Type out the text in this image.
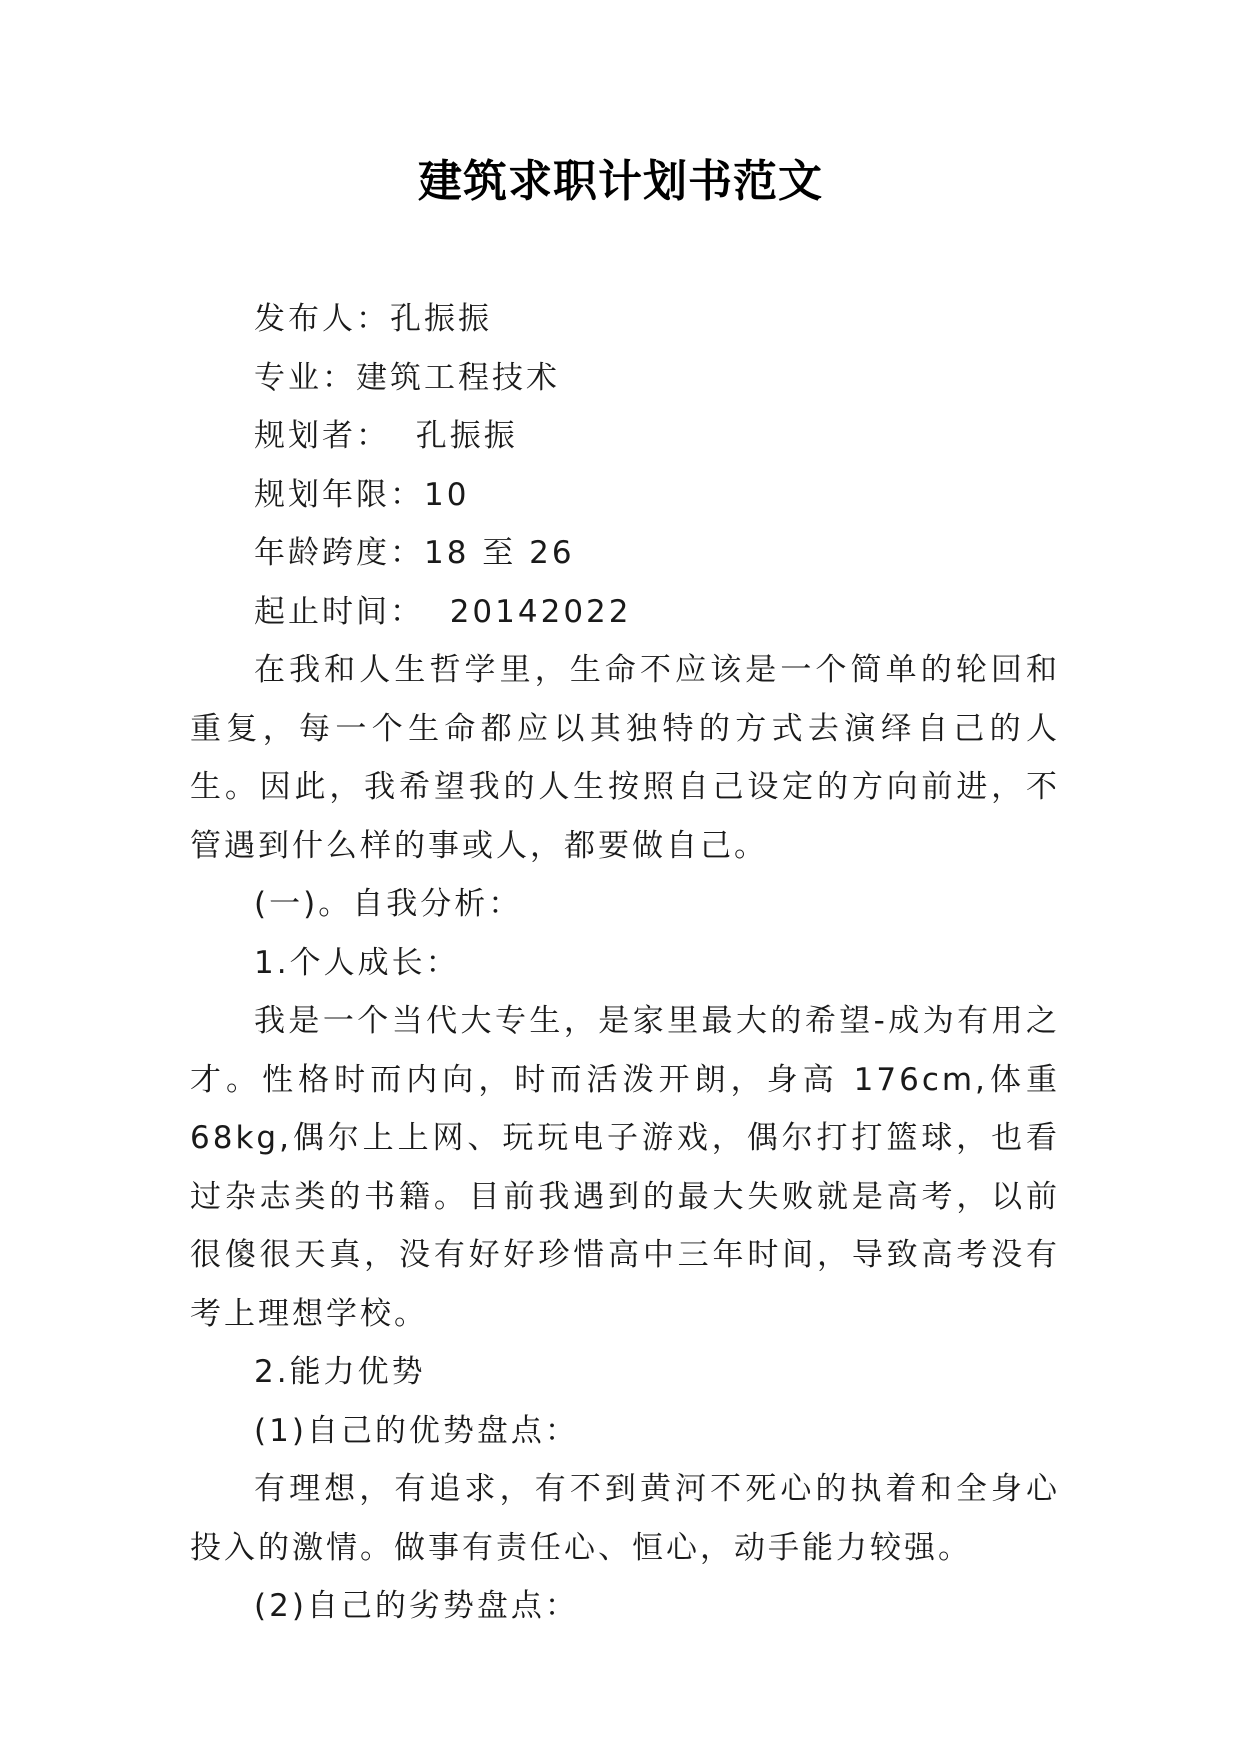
建筑求职计划书范文

发布人：孔振振

专业：建筑工程技术

规划者：  孔振振

规划年限：10

年龄跨度：18 至 26

起止时间：  20142022

在我和人生哲学里，生命不应该是一个简单的轮回和重复，每一个生命都应以其独特的方式去演绎自己的人生。因此，我希望我的人生按照自己设定的方向前进，不管遇到什么样的事或人，都要做自己。

(一)。自我分析：

1.个人成长：

我是一个当代大专生，是家里最大的希望-成为有用之才。性格时而内向，时而活泼开朗，身高 176cm,体重 68kg,偶尔上上网、玩玩电子游戏，偶尔打打篮球，也看过杂志类的书籍。目前我遇到的最大失败就是高考，以前很傻很天真，没有好好珍惜高中三年时间，导致高考没有考上理想学校。

2.能力优势

(1)自己的优势盘点：

有理想，有追求，有不到黄河不死心的执着和全身心投入的激情。做事有责任心、恒心，动手能力较强。

(2)自己的劣势盘点：
